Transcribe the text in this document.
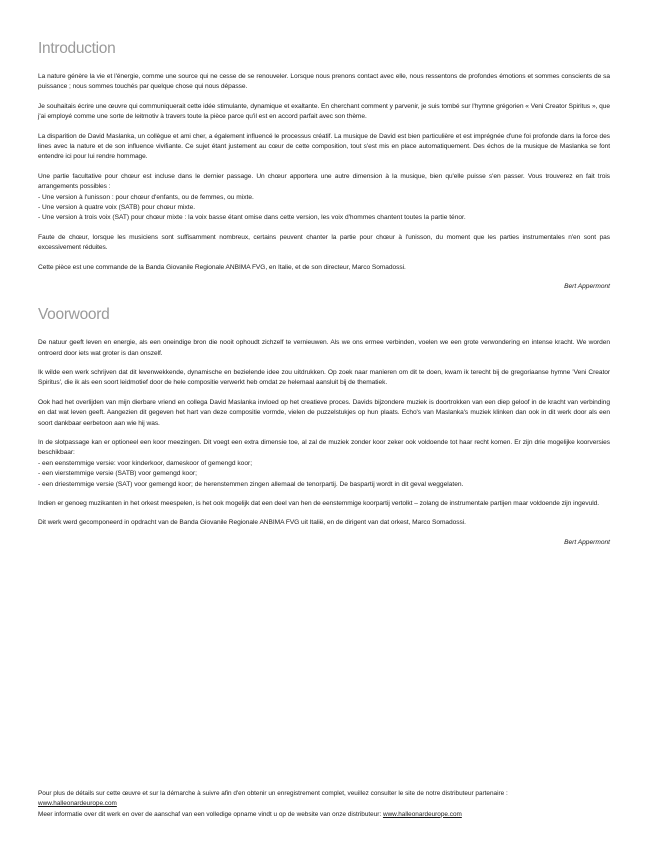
Introduction

La nature génère la vie et l'énergie, comme une source qui ne cesse de se renouveler. Lorsque nous prenons contact avec elle, nous ressentons de profondes émotions et sommes conscients de sa puissance ; nous sommes touchés par quelque chose qui nous dépasse.

Je souhaitais écrire une œuvre qui communiquerait cette idée stimulante, dynamique et exaltante. En cherchant comment y parvenir, je suis tombé sur l'hymne grégorien « Veni Creator Spiritus », que j'ai employé comme une sorte de leitmotiv à travers toute la pièce parce qu'il est en accord parfait avec son thème.

La disparition de David Maslanka, un collègue et ami cher, a également influencé le processus créatif. La musique de David est bien particulière et est imprégnée d'une foi profonde dans la force des lines avec la nature et de son influence vivifiante. Ce sujet étant justement au cœur de cette composition, tout s'est mis en place automatiquement. Des échos de la musique de Maslanka se font entendre ici pour lui rendre hommage.

Une partie facultative pour chœur est incluse dans le dernier passage. Un chœur apportera une autre dimension à la musique, bien qu'elle puisse s'en passer. Vous trouverez en fait trois arrangements possibles :

- Une version à l'unisson : pour chœur d'enfants, ou de femmes, ou mixte.
- Une version à quatre voix (SATB) pour chœur mixte.
- Une version à trois voix (SAT) pour chœur mixte : la voix basse étant omise dans cette version, les voix d'hommes chantent toutes la partie ténor.

Faute de chœur, lorsque les musiciens sont suffisamment nombreux, certains peuvent chanter la partie pour chœur à l'unisson, du moment que les parties instrumentales n'en sont pas excessivement réduites.

Cette pièce est une commande de la Banda Giovanile Regionale ANBIMA FVG, en Italie, et de son directeur, Marco Somadossi.

Bert Appermont
Voorwoord

De natuur geeft leven en energie, als een oneindige bron die nooit ophoudt zichzelf te vernieuwen. Als we ons ermee verbinden, voelen we een grote verwondering en intense kracht. We worden ontroerd door iets wat groter is dan onszelf.

Ik wilde een werk schrijven dat dit levenwekkende, dynamische en bezielende idee zou uitdrukken. Op zoek naar manieren om dit te doen, kwam ik terecht bij de gregoriaanse hymne 'Veni Creator Spiritus', die ik als een soort leidmotief door de hele compositie verwerkt heb omdat ze helemaal aansluit bij de thematiek.

Ook had het overlijden van mijn dierbare vriend en collega David Maslanka invloed op het creatieve proces. Davids bijzondere muziek is doortrokken van een diep geloof in de kracht van verbinding en dat wat leven geeft. Aangezien dit gegeven het hart van deze compositie vormde, vielen de puzzelstukjes op hun plaats. Echo's van Maslanka's muziek klinken dan ook in dit werk door als een soort dankbaar eerbetoon aan wie hij was.

In de slotpassage kan er optioneel een koor meezingen. Dit voegt een extra dimensie toe, al zal de muziek zonder koor zeker ook voldoende tot haar recht komen. Er zijn drie mogelijke koorversies beschikbaar:

- een eenstemmige versie: voor kinderkoor, dameskoor of gemengd koor;
- een vierstemmige versie (SATB) voor gemengd koor;
- een driestemmige versie (SAT) voor gemengd koor; de herenstemmen zingen allemaal de tenorpartij. De baspartij wordt in dit geval weggelaten.

Indien er genoeg muzikanten in het orkest meespelen, is het ook mogelijk dat een deel van hen de eenstemmige koorpartij vertolkt – zolang de instrumentale partijen maar voldoende zijn ingevuld.

Dit werk werd gecomponeerd in opdracht van de Banda Giovanile Regionale ANBIMA FVG uit Italië, en de dirigent van dat orkest, Marco Somadossi.

Bert Appermont
Pour plus de détails sur cette œuvre et sur la démarche à suivre afin d'en obtenir un enregistrement complet, veuillez consulter le site de notre distributeur partenaire :
www.halleonardeurope.com
Meer informatie over dit werk en over de aanschaf van een volledige opname vindt u op de website van onze distributeur: www.halleonardeurope.com
